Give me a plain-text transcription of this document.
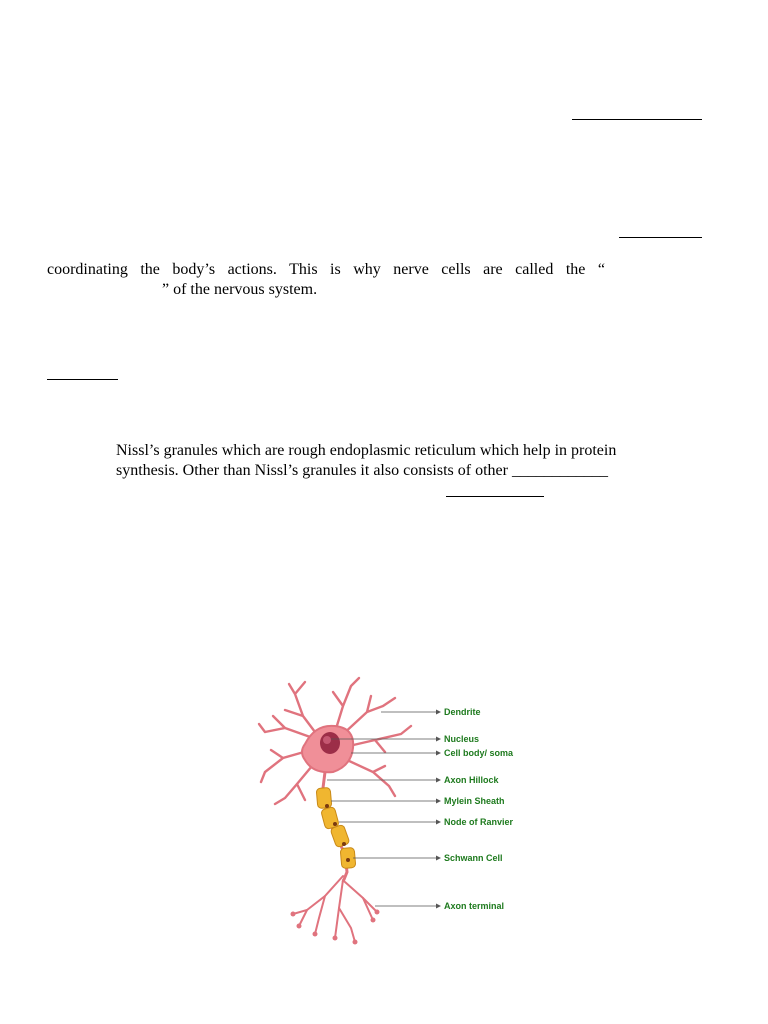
coordinating the body’s actions. This is why nerve cells are called the “
” of the nervous system.
Nissl’s granules which are rough endoplasmic reticulum which help in protein
synthesis. Other than Nissl’s granules it also consists of other ____________
Dendrite
Nucleus
Cell body/ soma
Axon Hillock
Mylein Sheath
Node of Ranvier
Schwann Cell
Axon terminal
